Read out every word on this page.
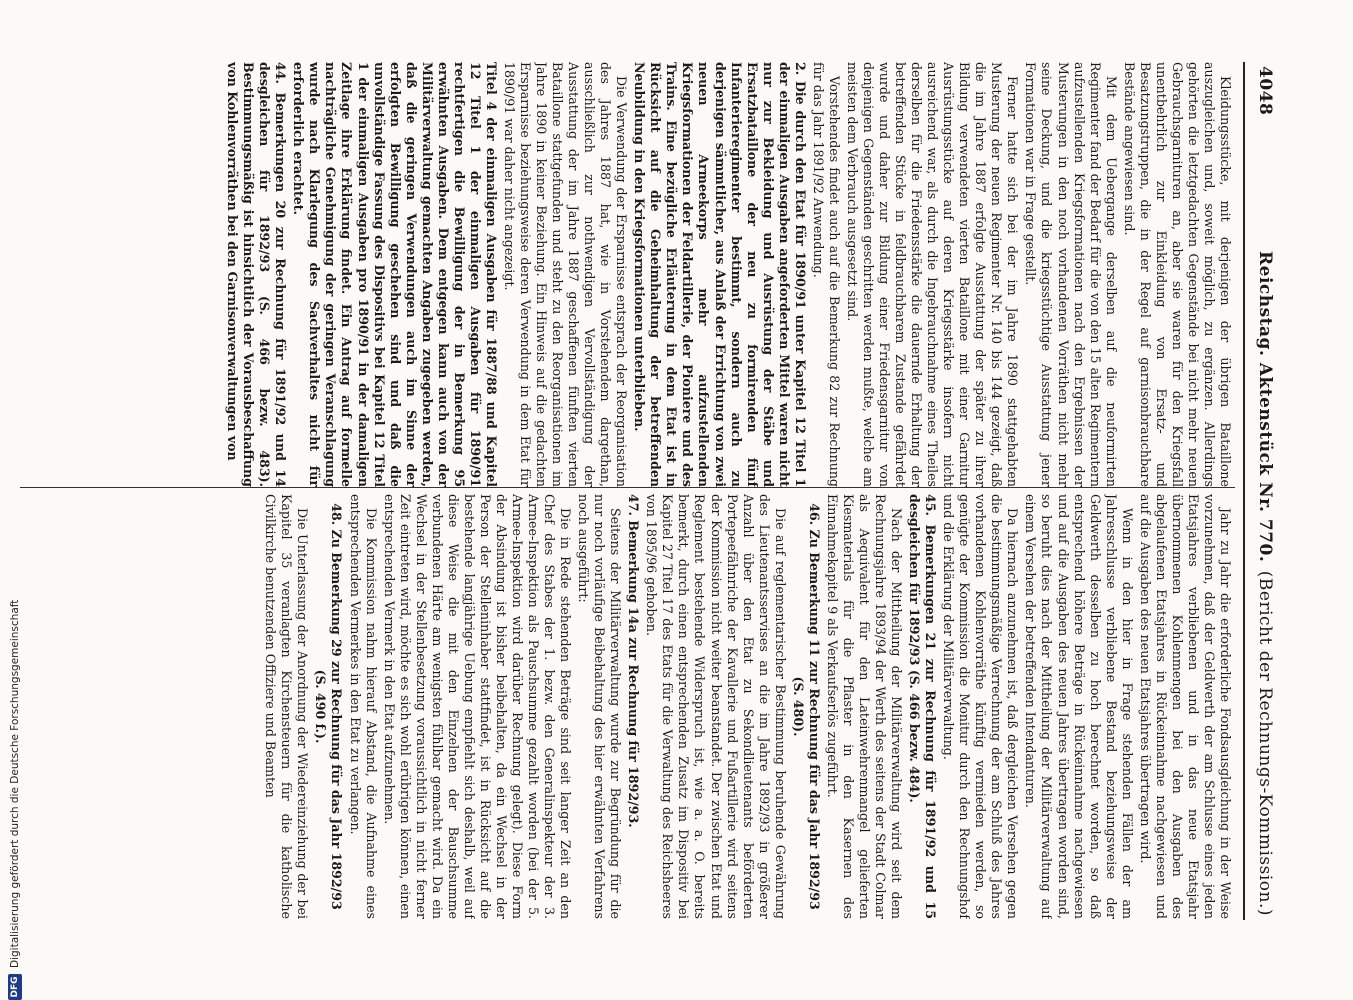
4048
Reichstag. Aktenstück Nr. 770.
(Bericht der Rechnungs-Kommission.)

Kleidungsstücke, mit derjenigen der übrigen Bataillone auszugleichen und, soweit möglich, zu ergänzen. Allerdings gehörten die letztgedachten Gegenstände bei nicht mehr neuen Gebrauchsgarnituren an, aber sie waren für den Kriegsfall unentbehrlich zur Einkleidung von Ersatz- und Besatzungstruppen, die in der Regel auf garnisonbrauchbare Bestände angewiesen sind.

Mit dem Uebergange derselben auf die neuformirten Regimenter fand der Bedarf für die von den 15 alten Regimentern aufzustellenden Kriegsformationen nach den Ergebnissen der Musterungen in den noch vorhandenen Vorräthen nicht mehr seine Deckung, und die kriegsstüchtige Ausstattung jener Formationen war in Frage gestellt.

Ferner hatte sich bei der im Jahre 1890 stattgehabten Musterung der neuen Regimenter Nr. 140 bis 144 gezeigt, daß die im Jahre 1887 erfolgte Ausstattung der später zu ihrer Bildung verwendeten vierten Bataillone mit einer Garnitur Ausrüstungsstücke auf deren Kriegsstärke insofern nicht ausreichend war, als durch die Ingebrauchnahme eines Theiles derselben für die Friedensstärke die dauernde Erhaltung der betreffenden Stücke in feldbrauchbarem Zustande gefährdet wurde und daher zur Bildung einer Friedensgarnitur von denjenigen Gegenständen geschritten werden mußte, welche am meisten dem Verbrauch ausgesetzt sind.

Vorstehendes findet auch auf die Bemerkung 82 zur Rechnung für das Jahr 1891/92 Anwendung.

2. Die durch den Etat für 1890/91 unter Kapitel 12 Titel 1 der einmaligen Ausgaben angeforderten Mittel waren nicht nur zur Bekleidung und Ausrüstung der Stäbe und Ersatzbataillone der neu zu formirenden fünf Infanterieregimenter bestimmt, sondern auch zu derjenigen sämmtlicher, aus Anlaß der Errichtung von zwei neuen Armeekorps mehr aufzustellenden Kriegsformationen der Feldartillerie, der Pioniere und des Trains. Eine bezügliche Erläuterung in dem Etat ist in Rücksicht auf die Geheimhaltung der betreffenden Neubildung in den Kriegsformationen unterblieben.

Die Verwendung der Ersparnisse entsprach der Reorganisation des Jahres 1887 hat, wie in Vorstehendem dargethan, ausschließlich zur nothwendigen Vervollständigung der Ausstattung der im Jahre 1887 geschaffenen fünften vierten Bataillone stattgefunden und steht zu den Reorganisationen im Jahre 1890 in keiner Beziehung. Ein Hinweis auf die gedachten Ersparnisse beziehungsweise deren Verwendung in dem Etat für 1890/91 war daher nicht angezeigt.

Titel 4 der einmaligen Ausgaben für 1887/88 und Kapitel 12 Titel 1 der einmaligen Ausgaben für 1890/91 rechtfertigen die Bewilligung der in Bemerkung 95 erwähnten Ausgaben. Dem entgegen kann auch von der Militärverwaltung gemachten Angaben zugegeben werden, daß die geringen Verwendungen auch im Sinne der erfolgten Bewilligung geschehen sind und daß die unvollständige Fassung des Dispositivs bei Kapitel 12 Titel 1 der einmaligen Ausgaben pro 1890/91 in der damaligen Zeitlage ihre Erklärung findet. Ein Antrag auf formelle nachträgliche Genehmigung der geringen Veranschlagung wurde nach Klarlegung des Sachverhaltes nicht für erforderlich erachtet.

44. Bemerkungen 20 zur Rechnung für 1891/92 und 14 desgleichen für 1892/93 (S. 466 bezw. 483). Bestimmungsmäßig ist hinsichtlich der Vorausbeschaffung von Kohlenvorräthen bei den Garnisonverwaltungen von

Jahr zu Jahr die erforderliche Fondsausgleichung in der Weise vorzunehmen, daß der Geldwerth der am Schlusse eines jeden Etatsjahres verbliebenen und in das neue Etatsjahr übernommenen Kohlenmengen bei den Ausgaben des abgelaufenen Etatsjahres in Rückeinnahme nachgewiesen und auf die Ausgaben des neuen Etatsjahres übertragen wird.

Wenn in den hier in Frage stehenden Fällen der am Jahresschlusse verbliebene Bestand beziehungsweise der Geldwerth desselben zu hoch berechnet worden, so daß entsprechend höhere Beträge in Rückeinnahme nachgewiesen und auf die Ausgaben des neuen Jahres übertragen worden sind, so beruht dies nach der Mittheilung der Militärverwaltung auf einem Versehen der betreffenden Intendanturen.

Da hiernach anzunehmen ist, daß dergleichen Versehen gegen die bestimmungsmäßige Verrechnung der am Schluß des Jahres vorhandenen Kohlenvorräthe künftig vermieden werden, so genügte der Kommission die Monitur durch den Rechnungshof und die Erklärung der Militärverwaltung.

45. Bemerkungen 21 zur Rechnung für 1891/92 und 15 desgleichen für 1892/93 (S. 466 bezw. 484).

Nach der Mittheilung der Militärverwaltung wird seit dem Rechnungsjahre 1893/94 der Werth des seitens der Stadt Colmar als Aequivalent für den Lateinwehrenmangel gelieferten Kiesmaterials für die Pflaster in den Kasernen des Einnahmekapitel 9 als Verkaufserlös zugeführt.

46. Zu Bemerkung 11 zur Rechnung für das Jahr 1892/93 (S. 480).

Die auf reglementarischer Bestimmung beruhende Gewährung des Lieutenantsservises an die im Jahre 1892/93 in größerer Anzahl über den Etat zu Sekondlieutenants beförderten Portepeefähnriche der Kavallerie und Fußartillerie wird seitens der Kommission nicht weiter beanstandet. Der zwischen Etat und Reglement bestehende Widerspruch ist, wie a. a. O. bereits bemerkt, durch einen entsprechenden Zusatz im Dispositiv bei Kapitel 27 Titel 17 des Etats für die Verwaltung des Reichsheeres von 1895/96 gehoben.

47. Bemerkung 14a zur Rechnung für 1892/93.

Seitens der Militärverwaltung wurde zur Begründung für die nur noch vorläufige Beibehaltung des hier erwähnten Verfahrens noch ausgeführt:

Die in Rede stehenden Beträge sind seit langer Zeit an den Chef des Stabes der 1. bezw. den Generalinspekteur der 3. Armee-Inspektion als Pauschsumme gezahlt worden (bei der 5. Armee-Inspektion wird darüber Rechnung gelegt). Diese Form der Absindung ist bisher beibehalten, da ein Wechsel in der Person der Stelleninhaber stattfindet, ist in Rücksicht auf die bestehende langjährige Uebung empfiehlt sich deshalb, weil auf diese Weise die mit den Einzelnen der Bauschsumme verbundenen Härte am wenigsten fühlbar gemacht wird. Da ein Wechsel in der Stellenbesetzung voraussichtlich in nicht ferner Zeit eintreten wird, möchte es sich wohl erübrigen können, einen entsprechenden Vermerk in den Etat aufzunehmen.

Die Kommission nahm hierauf Abstand, die Aufnahme eines entsprechenden Vermerkes in den Etat zu verlangen.

48. Zu Bemerkung 29 zur Rechnung für das Jahr 1892/93 (S. 490 f.).

Die Unterlassung der Anordnung der Wiedereinziehung der bei Kapitel 35 veranlagten Kirchensteuern für die katholische Civilkirche benutzenden Offiziere und Beamten

DFG
Digitalisierung gefördert durch die Deutsche Forschungsgemeinschaft
